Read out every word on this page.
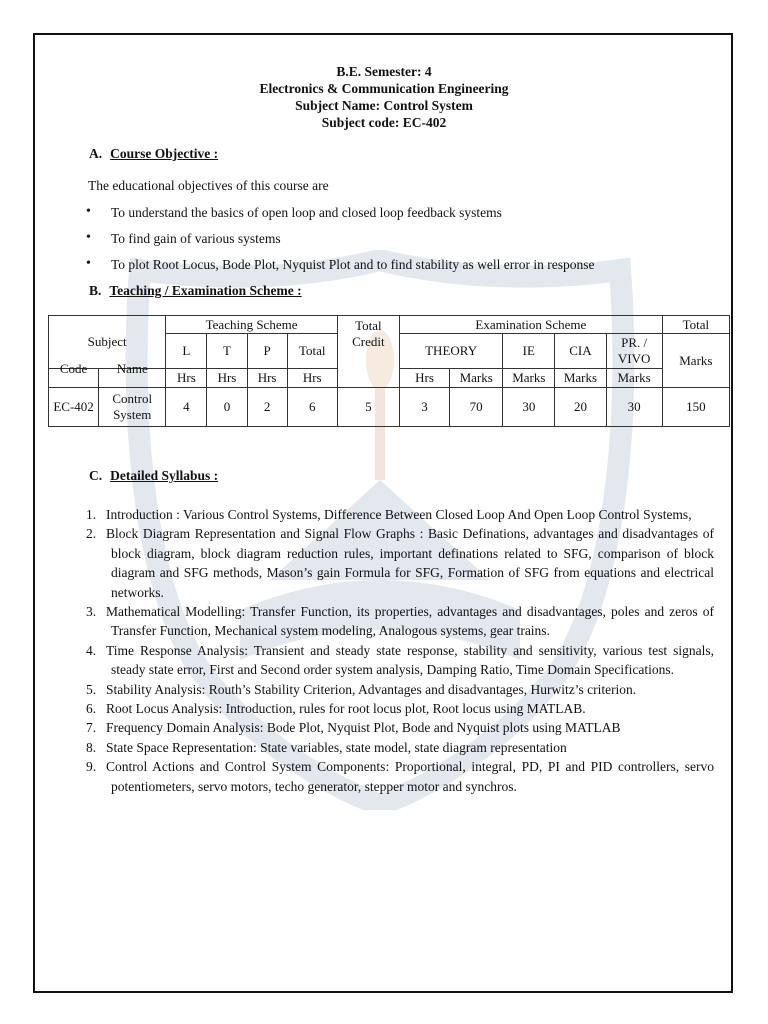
B.E. Semester: 4
Electronics & Communication Engineering
Subject Name: Control System
Subject code: EC-402
A. Course Objective :
The educational objectives of this course are
• To understand the basics of open loop and closed loop feedback systems
• To find gain of various systems
• To plot Root Locus, Bode Plot, Nyquist Plot and to find stability as well error in response
B. Teaching / Examination Scheme :
Subject		Teaching Scheme				Total Credit	Examination Scheme					Total
		L	T	P	Total		THEORY		IE	CIA	PR. / VIVO	Marks
Code	Name	Hrs	Hrs	Hrs	Hrs		Hrs	Marks	Marks	Marks	Marks	
EC-402	Control System	4	0	2	6	5	3	70	30	20	30	150
C. Detailed Syllabus :
1. Introduction : Various Control Systems, Difference Between Closed Loop And Open Loop Control Systems,
2. Block Diagram Representation and Signal Flow Graphs : Basic Definations, advantages and disadvantages of block diagram, block diagram reduction rules, important definations related to SFG, comparison of block diagram and SFG methods, Mason’s gain Formula for SFG, Formation of SFG from equations and electrical networks.
3. Mathematical Modelling: Transfer Function, its properties, advantages and disadvantages, poles and zeros of Transfer Function, Mechanical system modeling, Analogous systems, gear trains.
4. Time Response Analysis: Transient and steady state response, stability and sensitivity, various test signals, steady state error, First and Second order system analysis, Damping Ratio, Time Domain Specifications.
5. Stability Analysis: Routh’s Stability Criterion, Advantages and disadvantages, Hurwitz’s criterion.
6. Root Locus Analysis: Introduction, rules for root locus plot, Root locus using MATLAB.
7. Frequency Domain Analysis: Bode Plot, Nyquist Plot, Bode and Nyquist plots using MATLAB
8. State Space Representation: State variables, state model, state diagram representation
9. Control Actions and Control System Components: Proportional, integral, PD, PI and PID controllers, servo potentiometers, servo motors, techo generator, stepper motor and synchros.
